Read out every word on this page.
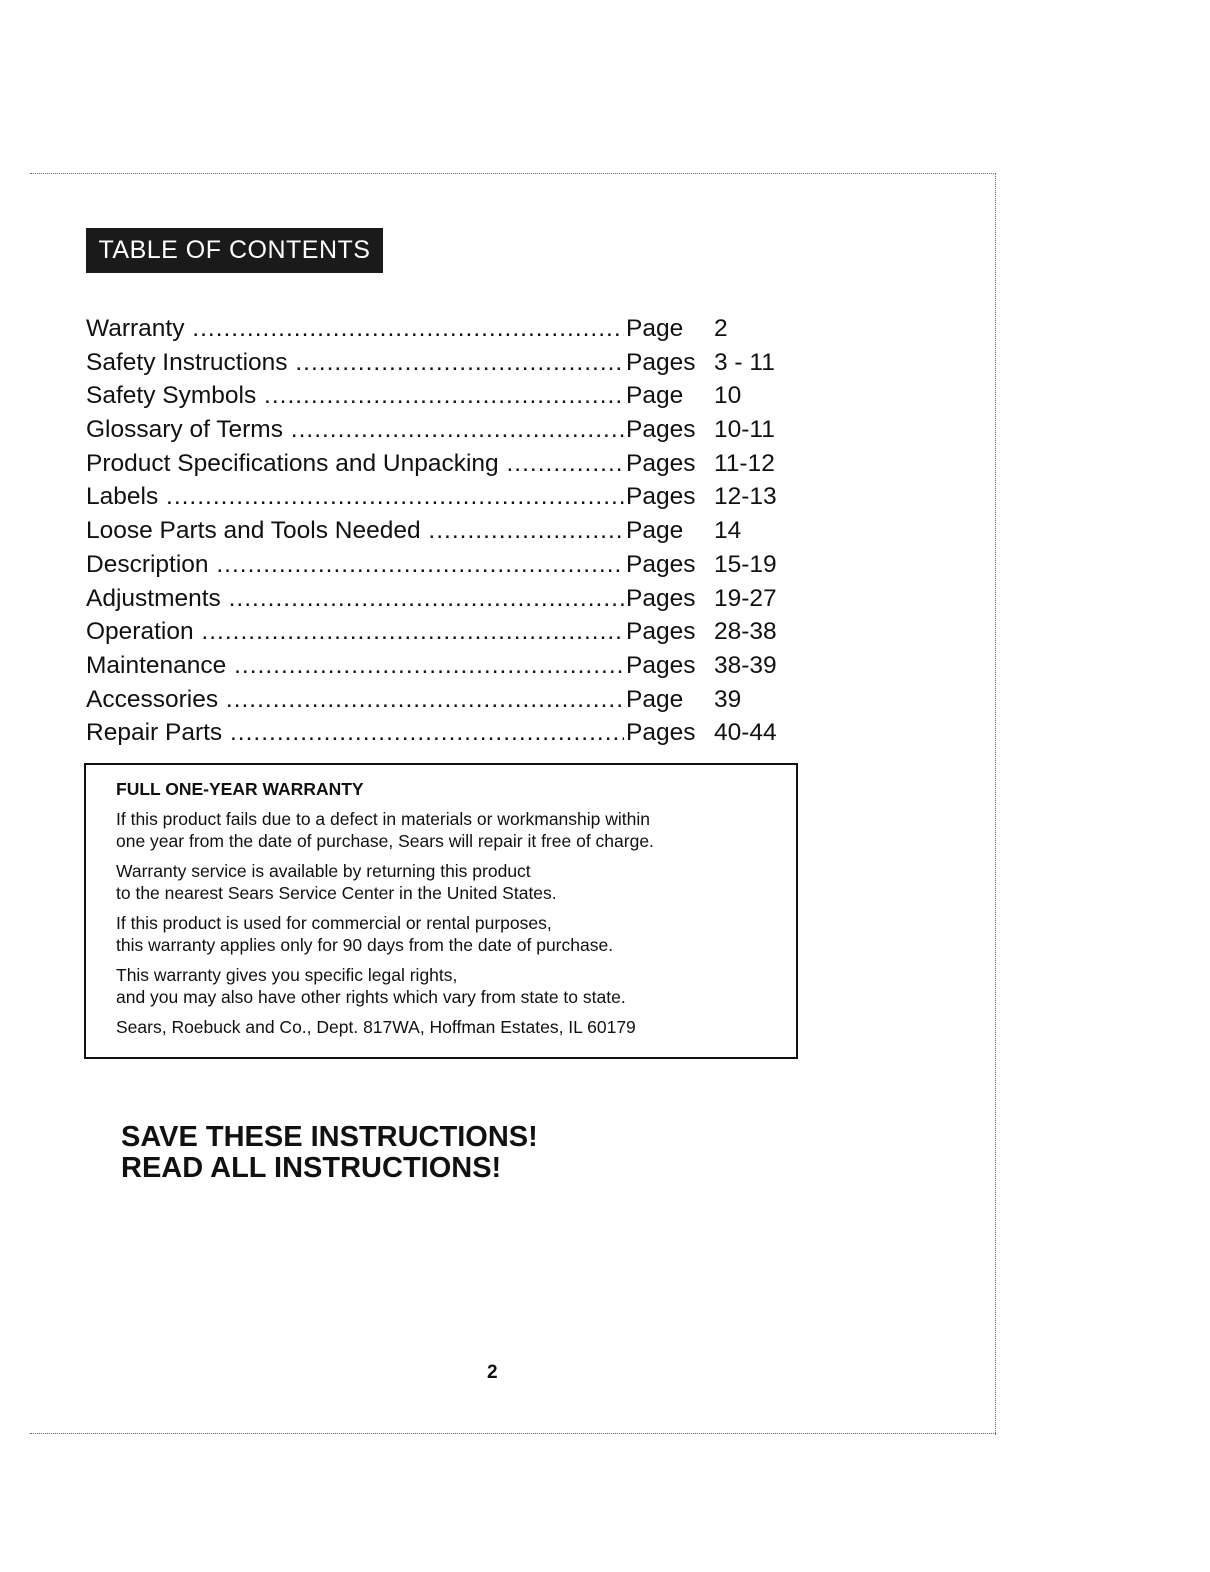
TABLE OF CONTENTS
Warranty .....	Page	2
Safety Instructions .....	Pages 3 - 11
Safety Symbols .....	Page	10
Glossary of Terms .....	Pages 10-11
Product Specifications and Unpacking .....	Pages 11-12
Labels .....	Pages 12-13
Loose Parts and Tools Needed .....	Page	14
Description .....	Pages 15-19
Adjustments .....	Pages 19-27
Operation .....	Pages 28-38
Maintenance .....	Pages 38-39
Accessories .....	Page	39
Repair Parts .....	Pages 40-44

FULL ONE-YEAR WARRANTY

If this product fails due to a defect in materials or workmanship within
one year from the date of purchase, Sears will repair it free of charge.

Warranty service is available by returning this product
to the nearest Sears Service Center in the United States.

If this product is used for commercial or rental purposes,
this warranty applies only for 90 days from the date of purchase.

This warranty gives you specific legal rights,
and you may also have other rights which vary from state to state.

Sears, Roebuck and Co., Dept. 817WA, Hoffman Estates, IL 60179

SAVE THESE INSTRUCTIONS!
READ ALL INSTRUCTIONS!
2
